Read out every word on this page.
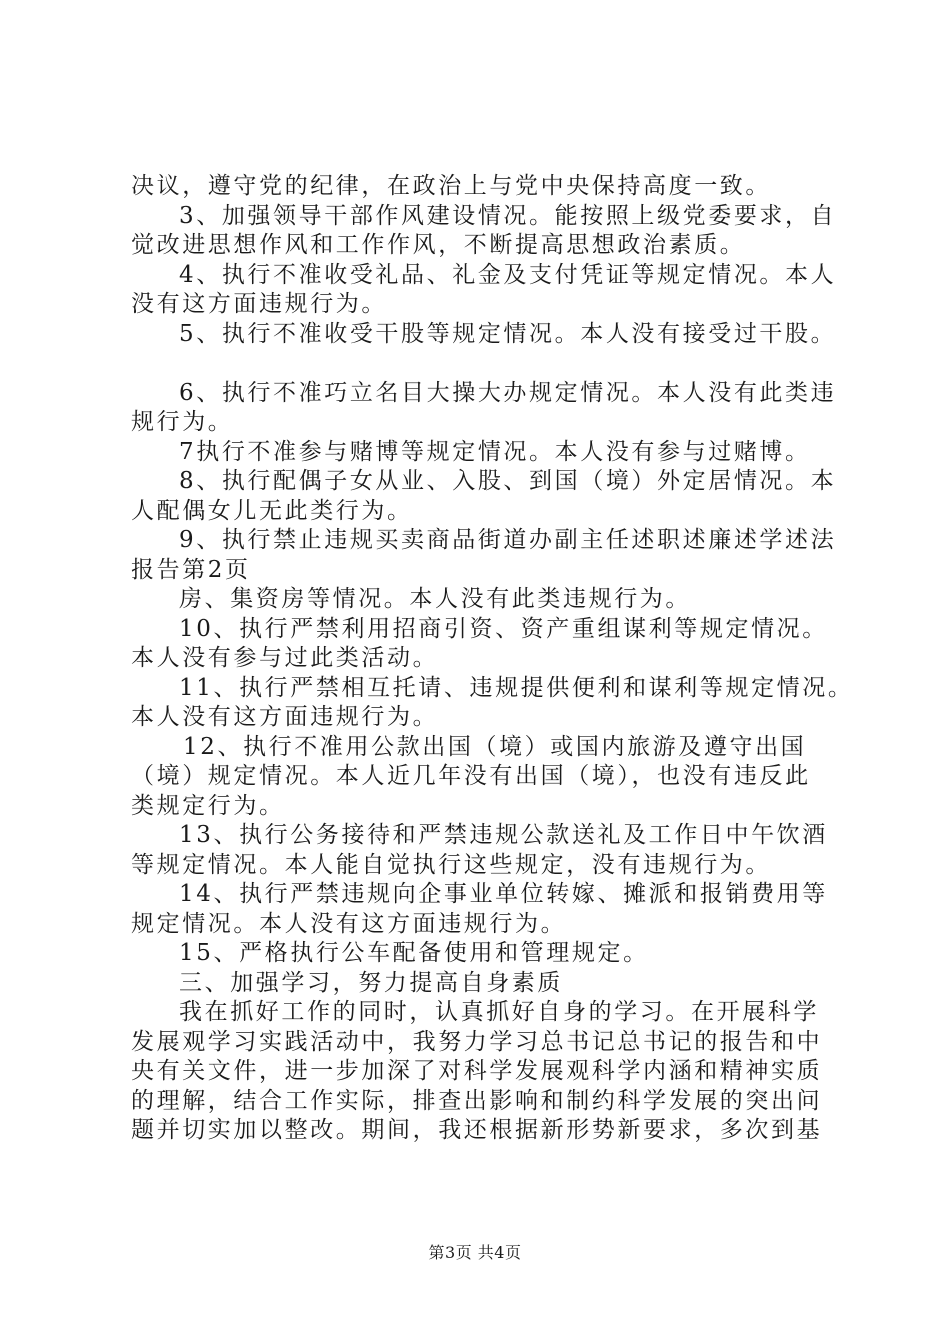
决议，遵守党的纪律，在政治上与党中央保持高度一致。
3、加强领导干部作风建设情况。能按照上级党委要求，自
觉改进思想作风和工作作风，不断提高思想政治素质。
4、执行不准收受礼品、礼金及支付凭证等规定情况。本人
没有这方面违规行为。
5、执行不准收受干股等规定情况。本人没有接受过干股。
6、执行不准巧立名目大操大办规定情况。本人没有此类违
规行为。
7执行不准参与赌博等规定情况。本人没有参与过赌博。
8、执行配偶子女从业、入股、到国（境）外定居情况。本
人配偶女儿无此类行为。
9、执行禁止违规买卖商品街道办副主任述职述廉述学述法
报告第2页
房、集资房等情况。本人没有此类违规行为。
10、执行严禁利用招商引资、资产重组谋利等规定情况。
本人没有参与过此类活动。
11、执行严禁相互托请、违规提供便利和谋利等规定情况。
本人没有这方面违规行为。
12、执行不准用公款出国（境）或国内旅游及遵守出国
（境）规定情况。本人近几年没有出国（境），也没有违反此
类规定行为。
13、执行公务接待和严禁违规公款送礼及工作日中午饮酒
等规定情况。本人能自觉执行这些规定，没有违规行为。
14、执行严禁违规向企事业单位转嫁、摊派和报销费用等
规定情况。本人没有这方面违规行为。
15、严格执行公车配备使用和管理规定。
三、加强学习，努力提高自身素质
我在抓好工作的同时，认真抓好自身的学习。在开展科学
发展观学习实践活动中，我努力学习总书记总书记的报告和中
央有关文件，进一步加深了对科学发展观科学内涵和精神实质
的理解，结合工作实际，排查出影响和制约科学发展的突出问
题并切实加以整改。期间，我还根据新形势新要求，多次到基
第3页 共4页
